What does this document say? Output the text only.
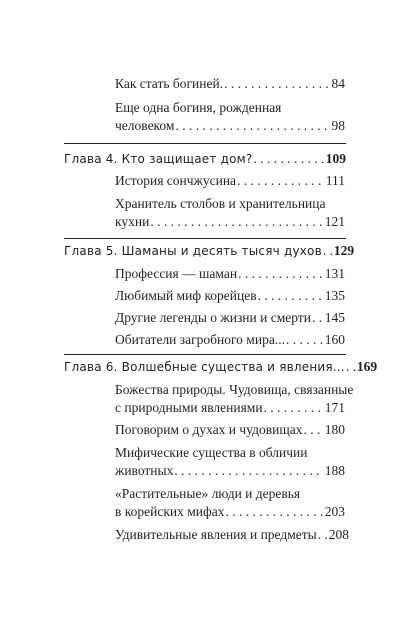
Как стать богиней. . . .	84
Еще одна богиня, рожденная
человеком . . .	98
Глава 4. Кто защищает дом? . . .	109
История сончжусина . . .	111
Хранитель столбов и хранительница
кухни . . .	121
Глава 5. Шаманы и десять тысяч духов . . . 129
Профессия — шаман . . .	131
Любимый миф корейцев . . .	135
Другие легенды о жизни и смерти . . . 145
Обитатели загробного мира... . . .	160
Глава 6. Волшебные существа и явления... . . . 169
Божества природы. Чудовища, связанные
с природными явлениями . . .	171
Поговорим о духах и чудовищах . . . 180
Мифические существа в обличии
животных . . .	188
«Растительные» люди и деревья
в корейских мифах . . .	203
Удивительные явления и предметы . . . 208
